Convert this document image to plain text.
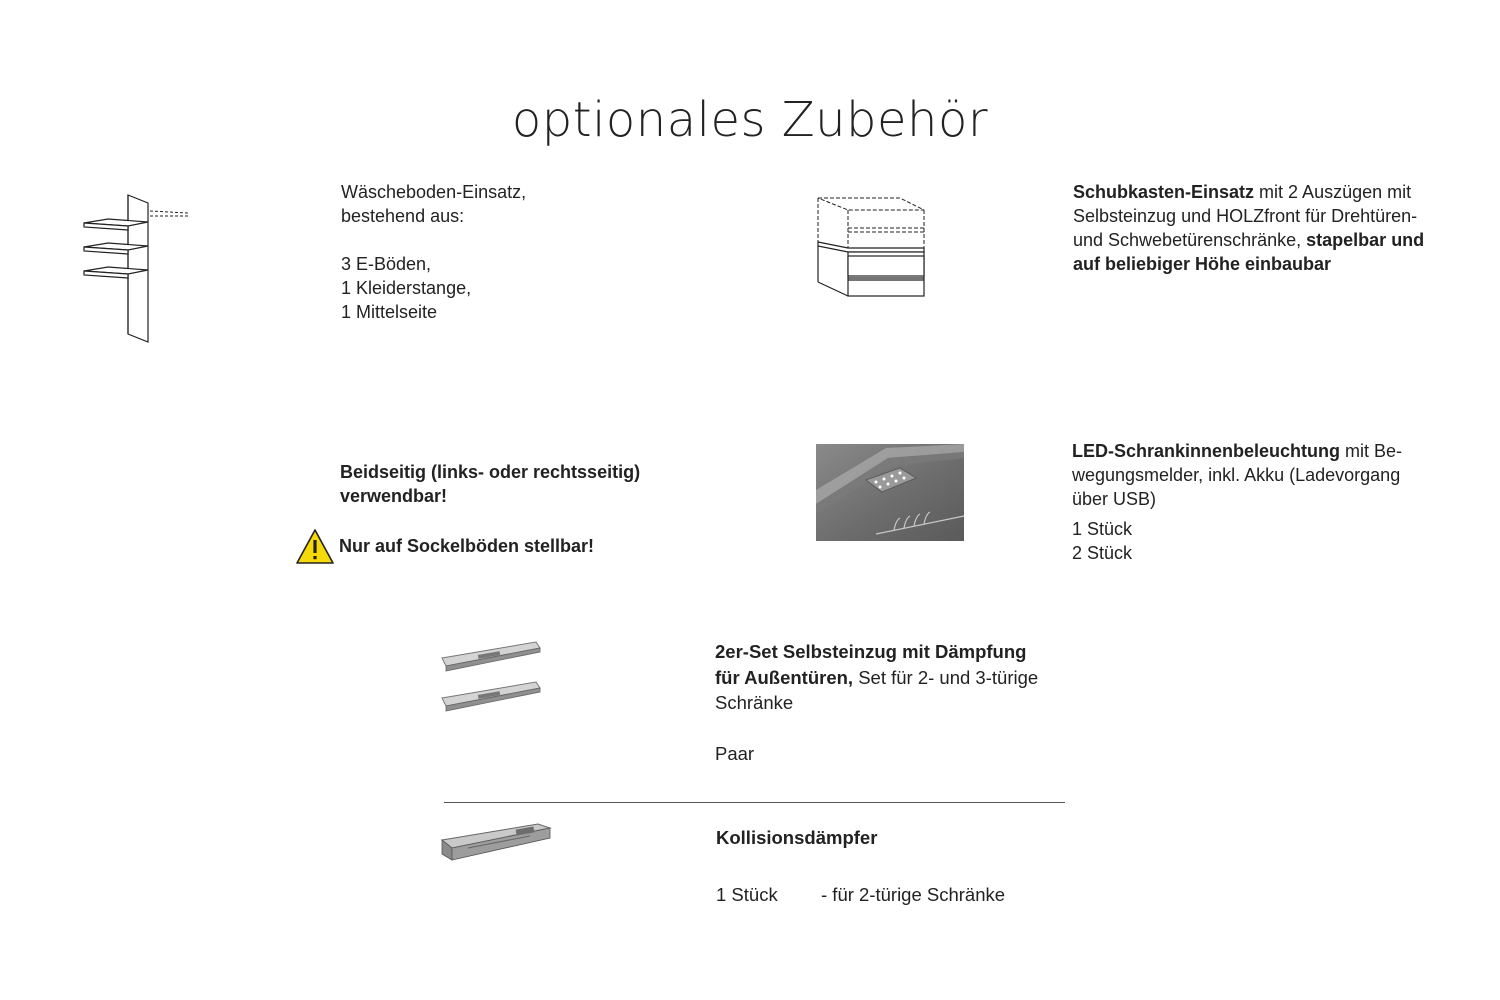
optionales Zubehör
Wäscheboden-Einsatz,
bestehend aus:
3 E-Böden,
1 Kleiderstange,
1 Mittelseite
Schubkasten-Einsatz mit 2 Auszügen mit
Selbsteinzug und HOLZfront für Drehtüren-
und Schwebetürenschränke, stapelbar und
auf beliebiger Höhe einbaubar
Beidseitig (links- oder rechtsseitig)
verwendbar!
Nur auf Sockelböden stellbar!
LED-Schrankinnenbeleuchtung mit Be-
wegungsmelder, inkl. Akku (Ladevorgang
über USB)
1 Stück
2 Stück
2er-Set Selbsteinzug mit Dämpfung
für Außentüren, Set für 2- und 3-türige
Schränke
Paar
Kollisionsdämpfer
1 Stück	- für 2-türige Schränke
